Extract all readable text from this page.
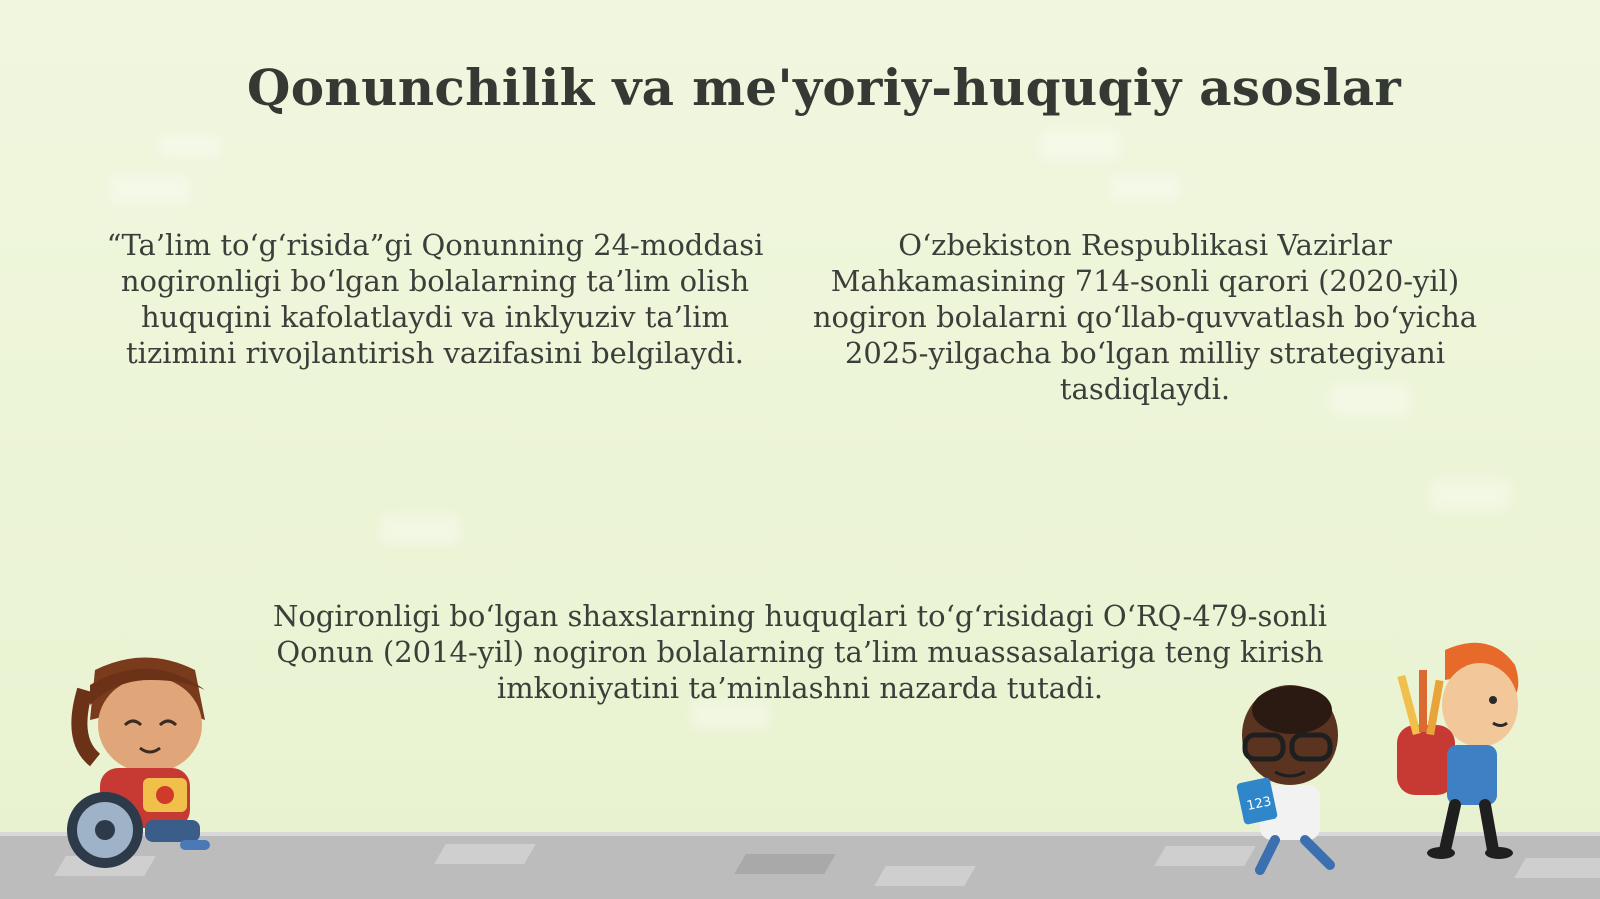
Qonunchilik va me'yoriy-huquqiy asoslar
“Ta’lim to‘g‘risida”gi Qonunning 24-moddasi nogironligi bo‘lgan bolalarning ta’lim olish huquqini kafolatlaydi va inklyuziv ta’lim tizimini rivojlantirish vazifasini belgilaydi.
O‘zbekiston Respublikasi Vazirlar Mahkamasining 714-sonli qarori (2020-yil) nogiron bolalarni qo‘llab-quvvatlash bo‘yicha 2025-yilgacha bo‘lgan milliy strategiyani tasdiqlaydi.
Nogironligi bo‘lgan shaxslarning huquqlari to‘g‘risidagi O‘RQ-479-sonli Qonun (2014-yil) nogiron bolalarning ta’lim muassasalariga teng kirish imkoniyatini ta’minlashni nazarda tutadi.
123
